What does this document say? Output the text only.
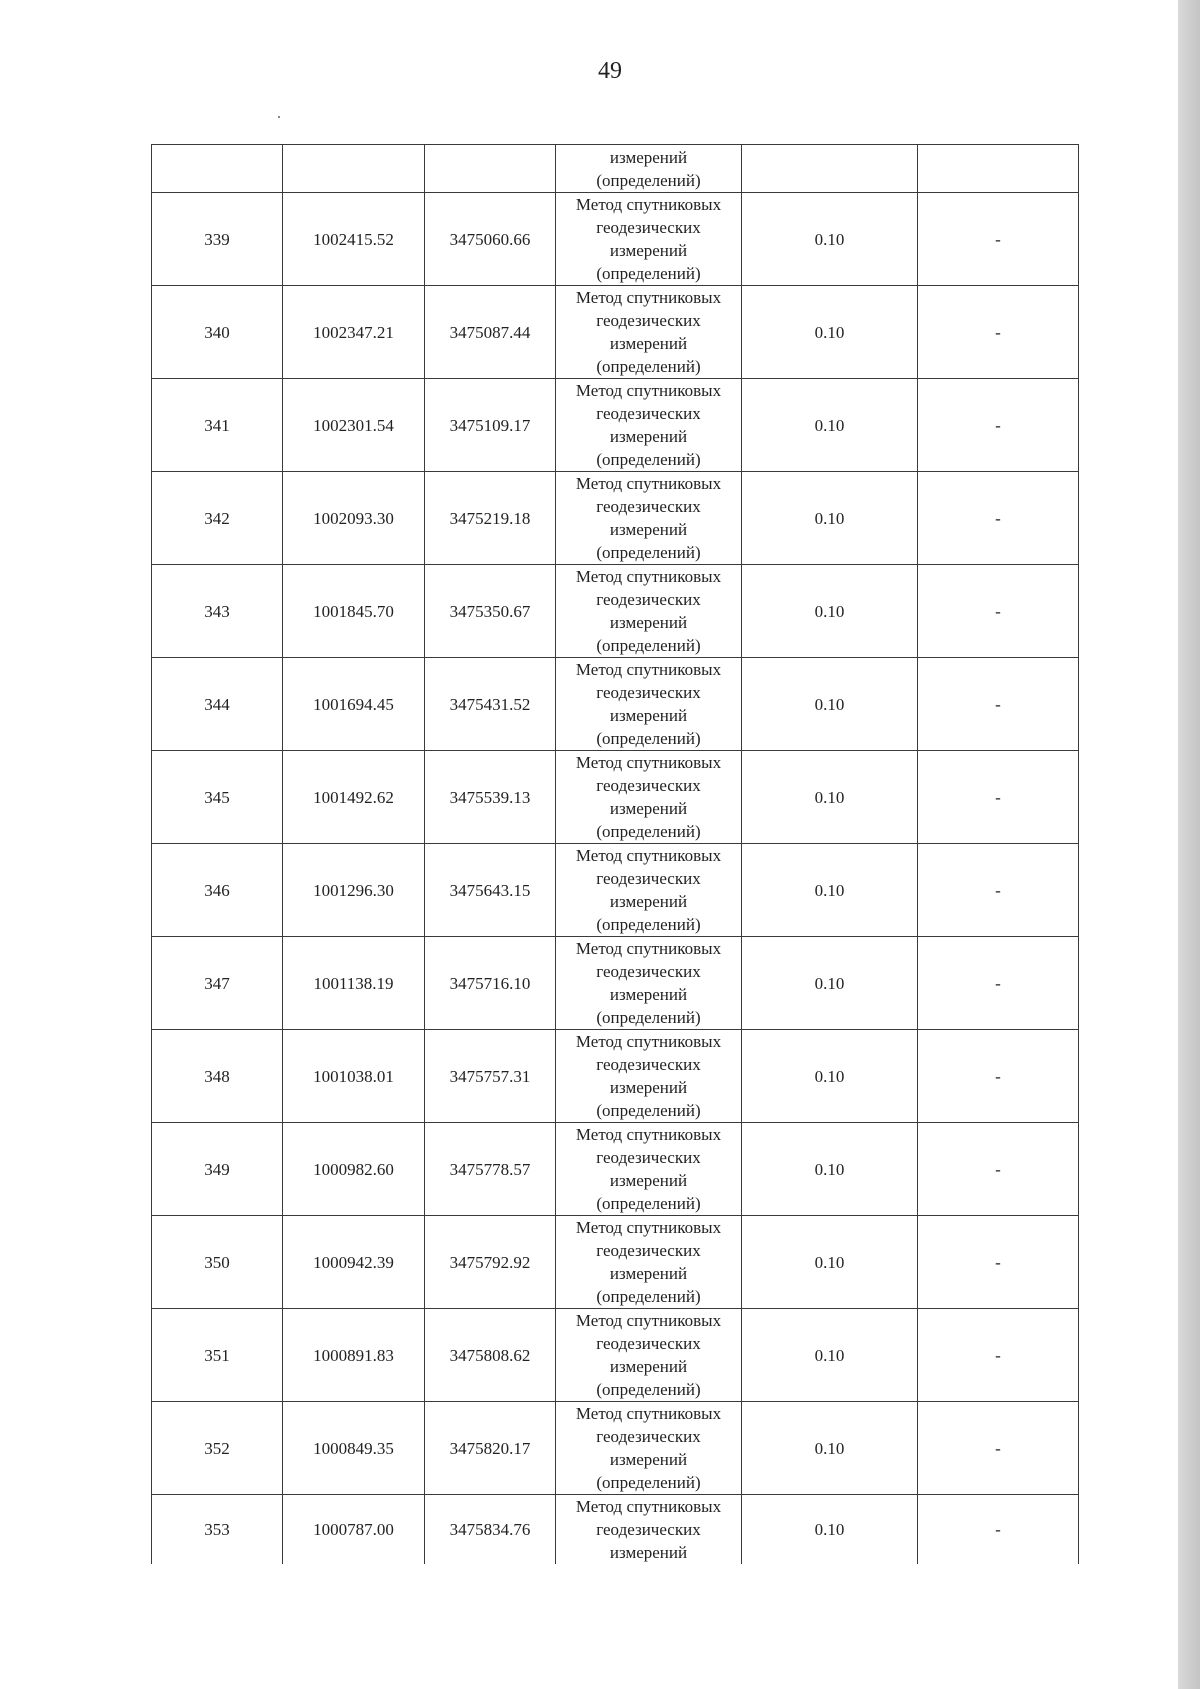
49

			измерений
(определений)		

339	1002415.52	3475060.66	Метод спутниковых
геодезических
измерений
(определений)	0.10	-
340	1002347.21	3475087.44	Метод спутниковых
геодезических
измерений
(определений)	0.10	-
341	1002301.54	3475109.17	Метод спутниковых
геодезических
измерений
(определений)	0.10	-
342	1002093.30	3475219.18	Метод спутниковых
геодезических
измерений
(определений)	0.10	-
343	1001845.70	3475350.67	Метод спутниковых
геодезических
измерений
(определений)	0.10	-
344	1001694.45	3475431.52	Метод спутниковых
геодезических
измерений
(определений)	0.10	-
345	1001492.62	3475539.13	Метод спутниковых
геодезических
измерений
(определений)	0.10	-
346	1001296.30	3475643.15	Метод спутниковых
геодезических
измерений
(определений)	0.10	-
347	1001138.19	3475716.10	Метод спутниковых
геодезических
измерений
(определений)	0.10	-
348	1001038.01	3475757.31	Метод спутниковых
геодезических
измерений
(определений)	0.10	-
349	1000982.60	3475778.57	Метод спутниковых
геодезических
измерений
(определений)	0.10	-
350	1000942.39	3475792.92	Метод спутниковых
геодезических
измерений
(определений)	0.10	-
351	1000891.83	3475808.62	Метод спутниковых
геодезических
измерений
(определений)	0.10	-
352	1000849.35	3475820.17	Метод спутниковых
геодезических
измерений
(определений)	0.10	-
353	1000787.00	3475834.76	Метод спутниковых
геодезических
измерений	0.10	-
